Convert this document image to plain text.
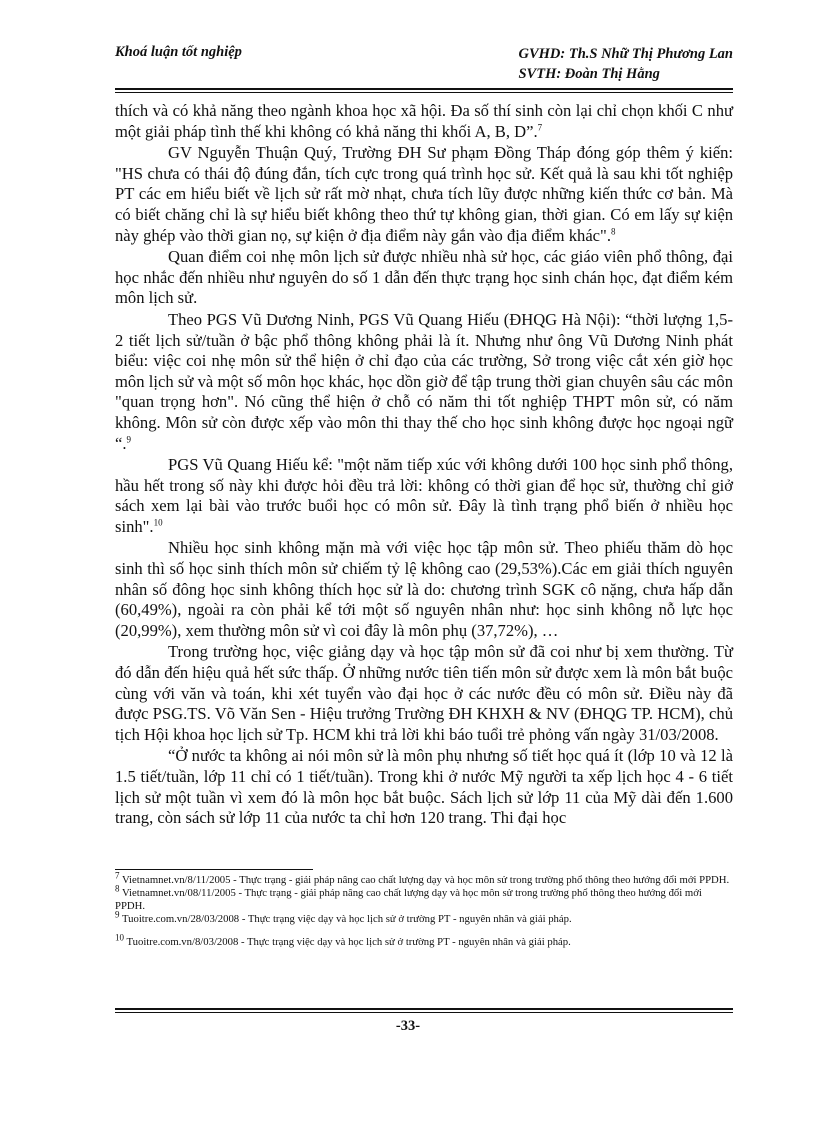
Khoá luận tốt nghiệp	GVHD: Th.S Nhữ Thị Phương Lan
SVTH: Đoàn Thị Hằng

thích và có khả năng theo ngành khoa học xã hội. Đa số thí sinh còn lại chỉ chọn khối C như một giải pháp tình thế khi không có khả năng thi khối A, B, D”.$^7$

GV Nguyễn Thuận Quý, Trường ĐH Sư phạm Đồng Tháp đóng góp thêm ý kiến: "HS chưa có thái độ đúng đắn, tích cực trong quá trình học sử. Kết quả là sau khi tốt nghiệp PT các em hiểu biết về lịch sử rất mờ nhạt, chưa tích lũy được những kiến thức cơ bản. Mà có biết chăng chỉ là sự hiểu biết không theo thứ tự không gian, thời gian. Có em lấy sự kiện này ghép vào thời gian nọ, sự kiện ở địa điểm này gắn vào địa điểm khác".$^8$

Quan điểm coi nhẹ môn lịch sử được nhiều nhà sử học, các giáo viên phổ thông, đại học nhắc đến nhiều như nguyên do số 1 dẫn đến thực trạng học sinh chán học, đạt điểm kém môn lịch sử.

Theo PGS Vũ Dương Ninh, PGS Vũ Quang Hiếu (ĐHQG Hà Nội): “thời lượng 1,5-2 tiết lịch sử/tuần ở bậc phổ thông không phải là ít. Nhưng như ông Vũ Dương Ninh phát biểu: việc coi nhẹ môn sử thể hiện ở chỉ đạo của các trường, Sở trong việc cắt xén giờ học môn lịch sử và một số môn học khác, học dồn giờ để tập trung thời gian chuyên sâu các môn "quan trọng hơn". Nó cũng thể hiện ở chỗ có năm thi tốt nghiệp THPT môn sử, có năm không. Môn sử còn được xếp vào môn thi thay thế cho học sinh không được học ngoại ngữ “.$^9$

PGS Vũ Quang Hiếu kể: "một năm tiếp xúc với không dưới 100 học sinh phổ thông, hầu hết trong số này khi được hỏi đều trả lời: không có thời gian để học sử, thường chỉ giở sách xem lại bài vào trước buổi học có môn sử. Đây là tình trạng phổ biến ở nhiều học sinh".$^{10}$

Nhiều học sinh không mặn mà với việc học tập môn sử. Theo phiếu thăm dò học sinh thì số học sinh thích môn sử chiếm tỷ lệ không cao (29,53%).Các em giải thích nguyên nhân số đông học sinh không thích học sử là do: chương trình SGK cô nặng, chưa hấp dẫn (60,49%), ngoài ra còn phải kể tới một số nguyên nhân như: học sinh không nỗ lực học (20,99%), xem thường môn sử vì coi đây là môn phụ (37,72%), …

Trong trường học, việc giảng dạy và học tập môn sử đã coi như bị xem thường. Từ đó dẫn đến hiệu quả hết sức thấp. Ở những nước tiên tiến môn sử được xem là môn bắt buộc cùng với văn và toán, khi xét tuyển vào đại học ở các nước đều có môn sử. Điều này đã được PSG.TS. Võ Văn Sen - Hiệu trưởng Trường ĐH KHXH & NV (ĐHQG TP. HCM), chủ tịch Hội khoa học lịch sử Tp. HCM khi trả lời khi báo tuổi trẻ phỏng vấn ngày 31/03/2008.

“Ở nước ta không ai nói môn sử là môn phụ nhưng số tiết học quá ít (lớp 10 và 12 là 1.5 tiết/tuần, lớp 11 chỉ có 1 tiết/tuần). Trong khi ở nước Mỹ người ta xếp lịch học 4 - 6 tiết lịch sử một tuần vì xem đó là môn học bắt buộc. Sách lịch sử lớp 11 của Mỹ dài đến 1.600 trang, còn sách sử lớp 11 của nước ta chỉ hơn 120 trang. Thi đại học

$^7$ Vietnamnet.vn/8/11/2005 - Thực trạng - giải pháp nâng cao chất lượng dạy và học môn sử trong trường phổ thông theo hướng đổi mới PPDH.

$^8$ Vietnamnet.vn/08/11/2005 - Thực trạng - giải pháp nâng cao chất lượng dạy và học môn sử trong trường phổ thông theo hướng đổi mới PPDH.

$^9$ Tuoitre.com.vn/28/03/2008 - Thực trạng việc dạy và học lịch sử ở trường PT - nguyên nhân và giải pháp.

$^{10}$ Tuoitre.com.vn/8/03/2008 - Thực trạng việc dạy và học lịch sử ở trường PT - nguyên nhân và giải pháp.

-33-
